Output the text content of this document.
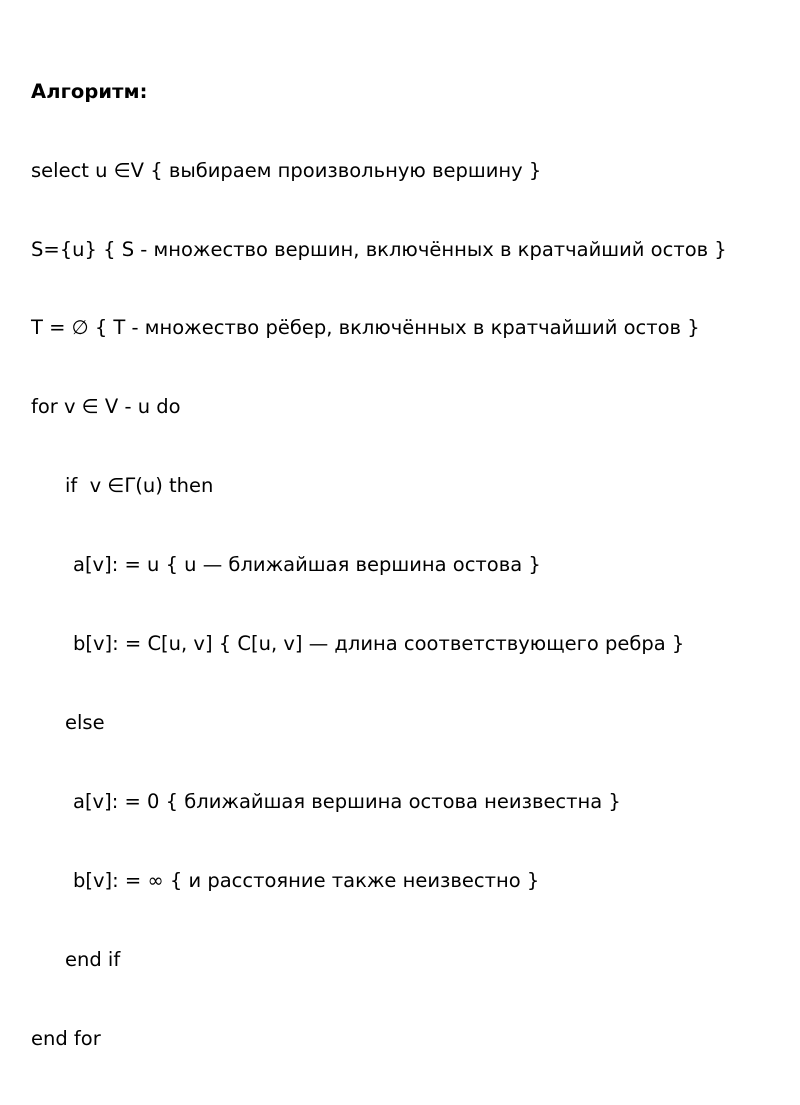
Алгоритм:

select u ∈V { выбираем произвольную вершину }

S={u} { S - множество вершин, включённых в кратчайший остов }

T = ∅ { T - множество рёбер, включённых в кратчайший остов }

for v ∈ V - u do

if  v ∈Γ(u) then

a[v]: = u { u — ближайшая вершина остова }

b[v]: = C[u, v] { C[u, v] — длина соответствующего ребра }

else

a[v]: = 0 { ближайшая вершина остова неизвестна }

b[v]: = ∞ { и расстояние также неизвестно }

end if

end for
